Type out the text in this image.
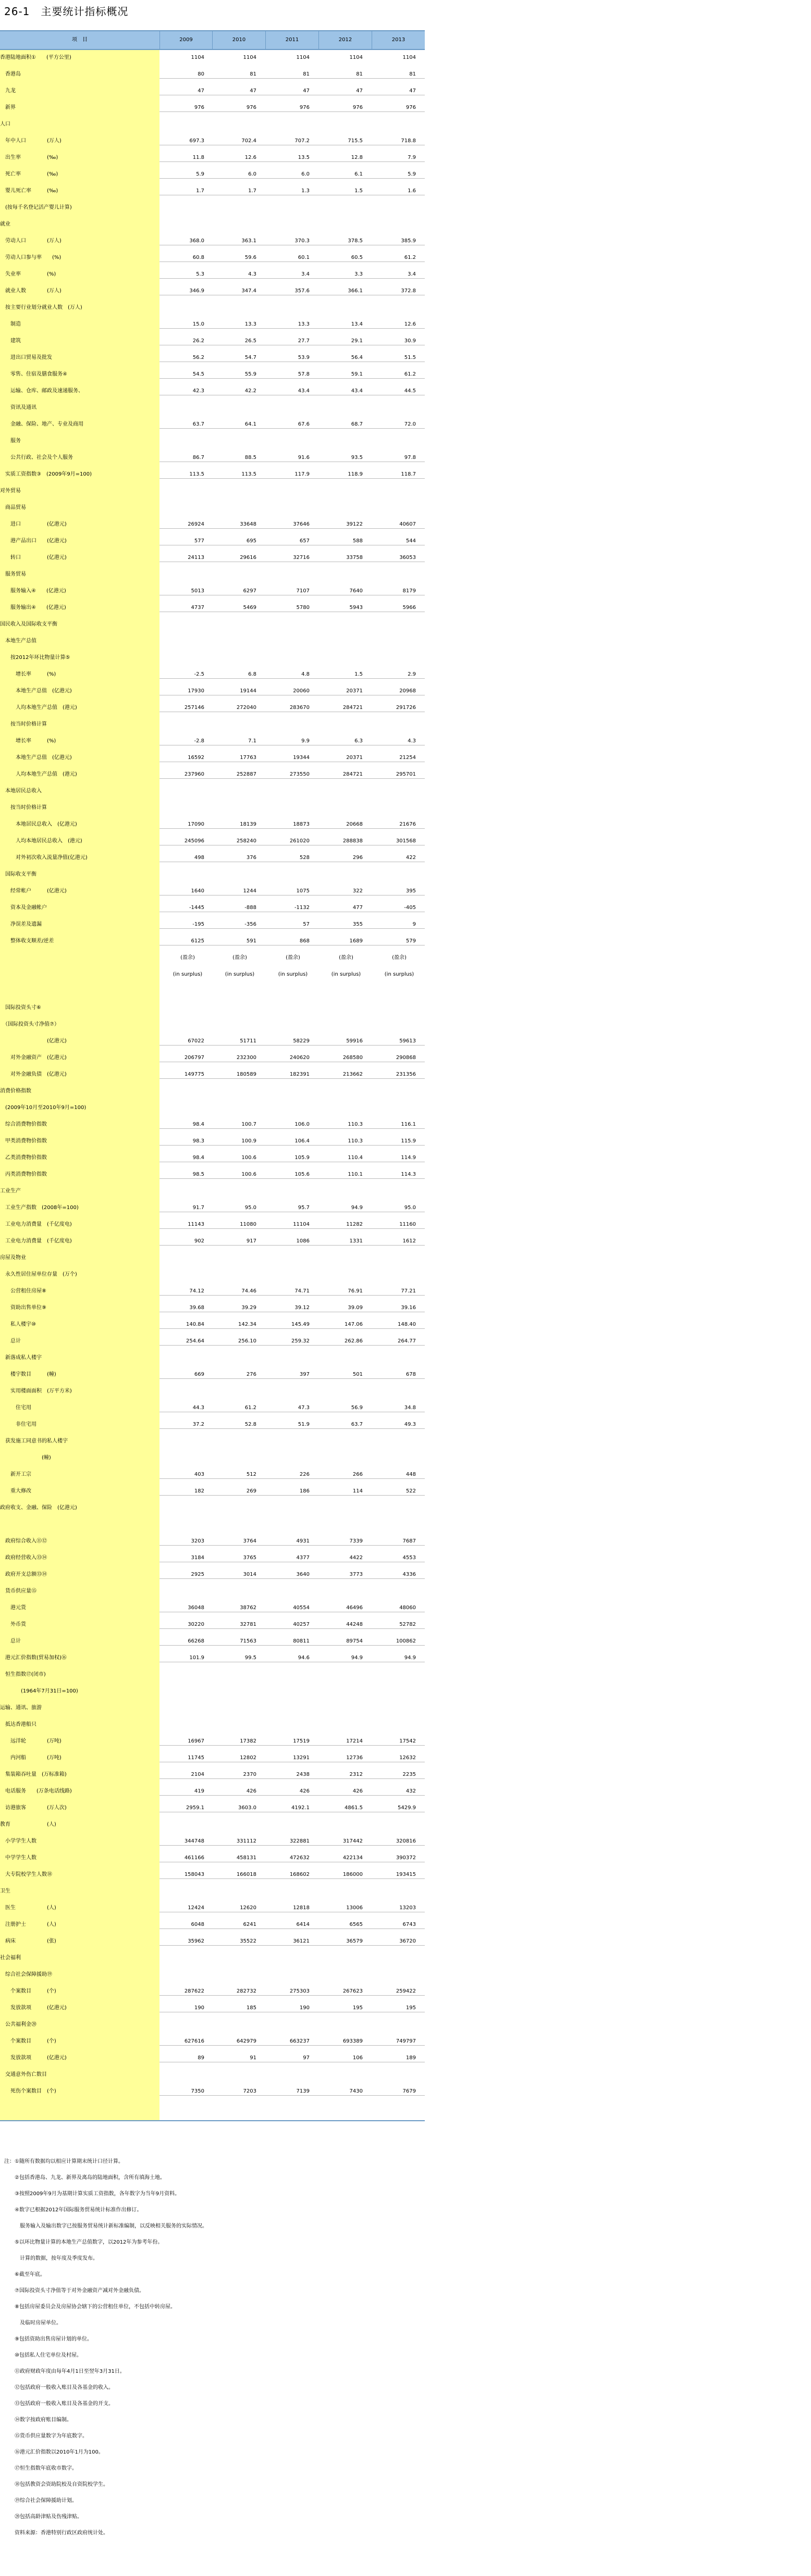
26-1　主要统计指标概况
项　目	2009	2010	2011	2012	2013
香港陆地面积①　　(平方公里)	1104	1104	1104	1104	1104
　香港岛	80	81	81	81	81
　九龙	47	47	47	47	47
　新界	976	976	976	976	976
人口
　年中人口　　　　(万人)	697.3	702.4	707.2	715.5	718.8
　出生率　　　　　(‰)	11.8	12.6	13.5	12.8	7.9
　死亡率　　　　　(‰)	5.9	6.0	6.0	6.1	5.9
　婴儿死亡率　　　(‰)	1.7	1.7	1.3	1.5	1.6
　(按每千名登记活产婴儿计算)
就业
　劳动人口　　　　(万人)	368.0	363.1	370.3	378.5	385.9
　劳动人口参与率　　(%)	60.8	59.6	60.1	60.5	61.2
　失业率　　　　　(%)	5.3	4.3	3.4	3.3	3.4
　就业人数　　　　(万人)	346.9	347.4	357.6	366.1	372.8
　按主要行业划分就业人数　(万人)
　　制造	15.0	13.3	13.3	13.4	12.6
　　建筑	26.2	26.5	27.7	29.1	30.9
　　进出口贸易及批发	56.2	54.7	53.9	56.4	51.5
　　零售、住宿及膳食服务④	54.5	55.9	57.8	59.1	61.2
　　运输、仓库、邮政及速递服务、	42.3	42.2	43.4	43.4	44.5
　　资讯及通讯
　　金融、保险、地产、专业及商用	63.7	64.1	67.6	68.7	72.0
　　服务
　　公共行政、社会及个人服务	86.7	88.5	91.6	93.5	97.8
　实质工资指数③　(2009年9月=100)	113.5	113.5	117.9	118.9	118.7
对外贸易
　商品贸易
　　进口　　　　　(亿港元)	26924	33648	37646	39122	40607
　　港产品出口　　(亿港元)	577	695	657	588	544
　　转口　　　　　(亿港元)	24113	29616	32716	33758	36053
　服务贸易
　　服务输入④　　(亿港元)	5013	6297	7107	7640	8179
　　服务输出④　　(亿港元)	4737	5469	5780	5943	5966
国民收入及国际收支平衡
　本地生产总值
　　按2012年环比物量计算⑤
　　　增长率　　　(%)	-2.5	6.8	4.8	1.5	2.9
　　　本地生产总值　(亿港元)	17930	19144	20060	20371	20968
　　　人均本地生产总值　(港元)	257146	272040	283670	284721	291726
　　按当时价格计算
　　　增长率　　　(%)	-2.8	7.1	9.9	6.3	4.3
　　　本地生产总值　(亿港元)	16592	17763	19344	20371	21254
　　　人均本地生产总值　(港元)	237960	252887	273550	284721	295701
　本地居民总收入
　　按当时价格计算
　　　本地居民总收入　(亿港元)	17090	18139	18873	20668	21676
　　　人均本地居民总收入　(港元)	245096	258240	261020	288838	301568
　　　对外初次收入流量净值(亿港元)	498	376	528	296	422
　国际收支平衡
　　经常帐户　　　(亿港元)	1640	1244	1075	322	395
　　资本及金融帐户	-1445	-888	-1132	477	-405
　　净误差及遗漏	-195	-356	57	355	9
　　整体收支顺差/逆差	6125	591	868	1689	579
(盈余)	(盈余)	(盈余)	(盈余)	(盈余)
(in surplus)	(in surplus)	(in surplus)	(in surplus)	(in surplus)
　国际投资头寸⑥
　（国际投资头寸净值⑦）
　　　　　　　　　(亿港元)	67022	51711	58229	59916	59613
　　对外金融资产　(亿港元)	206797	232300	240620	268580	290868
　　对外金融负债　(亿港元)	149775	180589	182391	213662	231356
消费价格指数
　(2009年10月至2010年9月=100)
　综合消费物价指数	98.4	100.7	106.0	110.3	116.1
　甲类消费物价指数	98.3	100.9	106.4	110.3	115.9
　乙类消费物价指数	98.4	100.6	105.9	110.4	114.9
　丙类消费物价指数	98.5	100.6	105.6	110.1	114.3
工业生产
　工业生产指数　(2008年=100)	91.7	95.0	95.7	94.9	95.0
　工业电力消费量　(千亿度电)	11143	11080	11104	11282	11160
　工业电力消费量　(千亿度电)	902	917	1086	1331	1612
房屋及物业
　永久性居住屋单位存量　(万个)
　　公营租住房屋⑧	74.12	74.46	74.71	76.91	77.21
　　资助出售单位⑨	39.68	39.29	39.12	39.09	39.16
　　私人楼宇⑩	140.84	142.34	145.49	147.06	148.40
　　总计	254.64	256.10	259.32	262.86	264.77
　新落成私人楼宇
　　楼宇数目　　　(幢)	669	276	397	501	678
　　实用楼面面积　(万平方米)
　　　住宅用	44.3	61.2	47.3	56.9	34.8
　　　非住宅用	37.2	52.8	51.9	63.7	49.3
　获发施工同意书的私人楼宇
　　　　　　　　(幢)
　　新开工宗	403	512	226	266	448
　　重大修改	182	269	186	114	522
政府收支、金融、保险　(亿港元)
　政府综合收入⑪⑫	3203	3764	4931	7339	7687
　政府经营收入⑬⑭	3184	3765	4377	4422	4553
　政府开支总额⑬⑭	2925	3014	3640	3773	4336
　货币供应量⑮
　　港元货	36048	38762	40554	46496	48060
　　外币货	30220	32781	40257	44248	52782
　　总计	66268	71563	80811	89754	100862
　港元汇价指数(贸易加权)⑯	101.9	99.5	94.6	94.9	94.9
　恒生指数⑰(闭市)
　　　　(1964年7月31日=100)
运输、通讯、旅游
　抵达香港船只
　　远洋轮　　　　(万吨)	16967	17382	17519	17214	17542
　　内河船　　　　(万吨)	11745	12802	13291	12736	12632
　集装箱吞吐量　(万标准箱)	2104	2370	2438	2312	2235
　电话服务　　(万条电话线路)	419	426	426	426	432
　访港旅客　　　　(万人次)	2959.1	3603.0	4192.1	4861.5	5429.9
教育　　　　　　　(人)
　小学学生人数	344748	331112	322881	317442	320816
　中学学生人数	461166	458131	472632	422134	390372
　大专院校学生人数⑱	158043	166018	168602	186000	193415
卫生
　医生　　　　　　(人)	12424	12620	12818	13006	13203
　注册护士　　　　(人)	6048	6241	6414	6565	6743
　病床　　　　　　(张)	35962	35522	36121	36579	36720
社会福利
　综合社会保障援助⑲
　　个案数目　　　(个)	287622	282732	275303	267623	259422
　　发放款项　　　(亿港元)	190	185	190	195	195
　公共福利金⑳
　　个案数目　　　(个)	627616	642979	663237	693389	749797
　　发放款项　　　(亿港元)	89	91	97	106	189
　交通意外伤亡数目
　　死伤个案数目　(个)	7350	7203	7139	7430	7679
注：①随所有数据均以相应计算期末统计口径计算。
　　②包括香港岛、九龙、新界及离岛的陆地面积，含所有填海土地。
　　③按照2009年9月为基期计算实质工资指数，各年数字为当年9月资料。
　　④数字已根据2012年国际服务贸易统计标准作出修订。
　　　服务输入及输出数字已按服务贸易统计新标准编制，以反映相关服务的实际情况。
　　⑤以环比物量计算的本地生产总值数字，以2012年为参考年份。
　　　计算的数据，按年度及季度发布。
　　⑥截至年底。
　　⑦国际投资头寸净值等于对外金融资产减对外金融负债。
　　⑧包括房屋委员会及房屋协会辖下的公营租住单位，不包括中转房屋。
　　　及临时房屋单位。
　　⑨包括资助出售房屋计划的单位。
　　⑩包括私人住宅单位及村屋。
　　⑪政府财政年度由每年4月1日至翌年3月31日。
　　⑫包括政府一般收入账目及各基金的收入。
　　⑬包括政府一般收入账目及各基金的开支。
　　⑭数字按政府账目编制。
　　⑮货币供应量数字为年底数字。
　　⑯港元汇价指数以2010年1月为100。
　　⑰恒生指数年底收市数字。
　　⑱包括教资会资助院校及自资院校学生。
　　⑲综合社会保障援助计划。
　　⑳包括高龄津贴及伤残津贴。
　　资料来源：香港特别行政区政府统计处。
